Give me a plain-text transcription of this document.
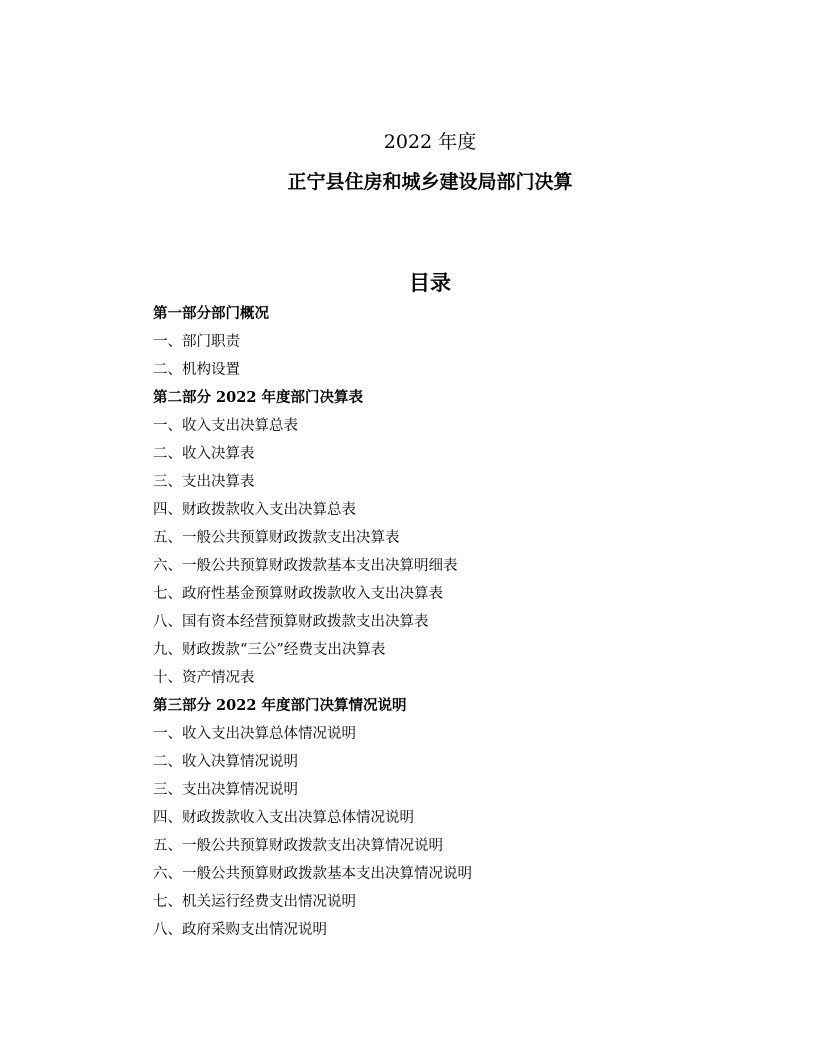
2022 年度
正宁县住房和城乡建设局部门决算
目录
第一部分部门概况
一、部门职责
二、机构设置
第二部分 2022 年度部门决算表
一、收入支出决算总表
二、收入决算表
三、支出决算表
四、财政拨款收入支出决算总表
五、一般公共预算财政拨款支出决算表
六、一般公共预算财政拨款基本支出决算明细表
七、政府性基金预算财政拨款收入支出决算表
八、国有资本经营预算财政拨款支出决算表
九、财政拨款“三公”经费支出决算表
十、资产情况表
第三部分 2022 年度部门决算情况说明
一、收入支出决算总体情况说明
二、收入决算情况说明
三、支出决算情况说明
四、财政拨款收入支出决算总体情况说明
五、一般公共预算财政拨款支出决算情况说明
六、一般公共预算财政拨款基本支出决算情况说明
七、机关运行经费支出情况说明
八、政府采购支出情况说明
